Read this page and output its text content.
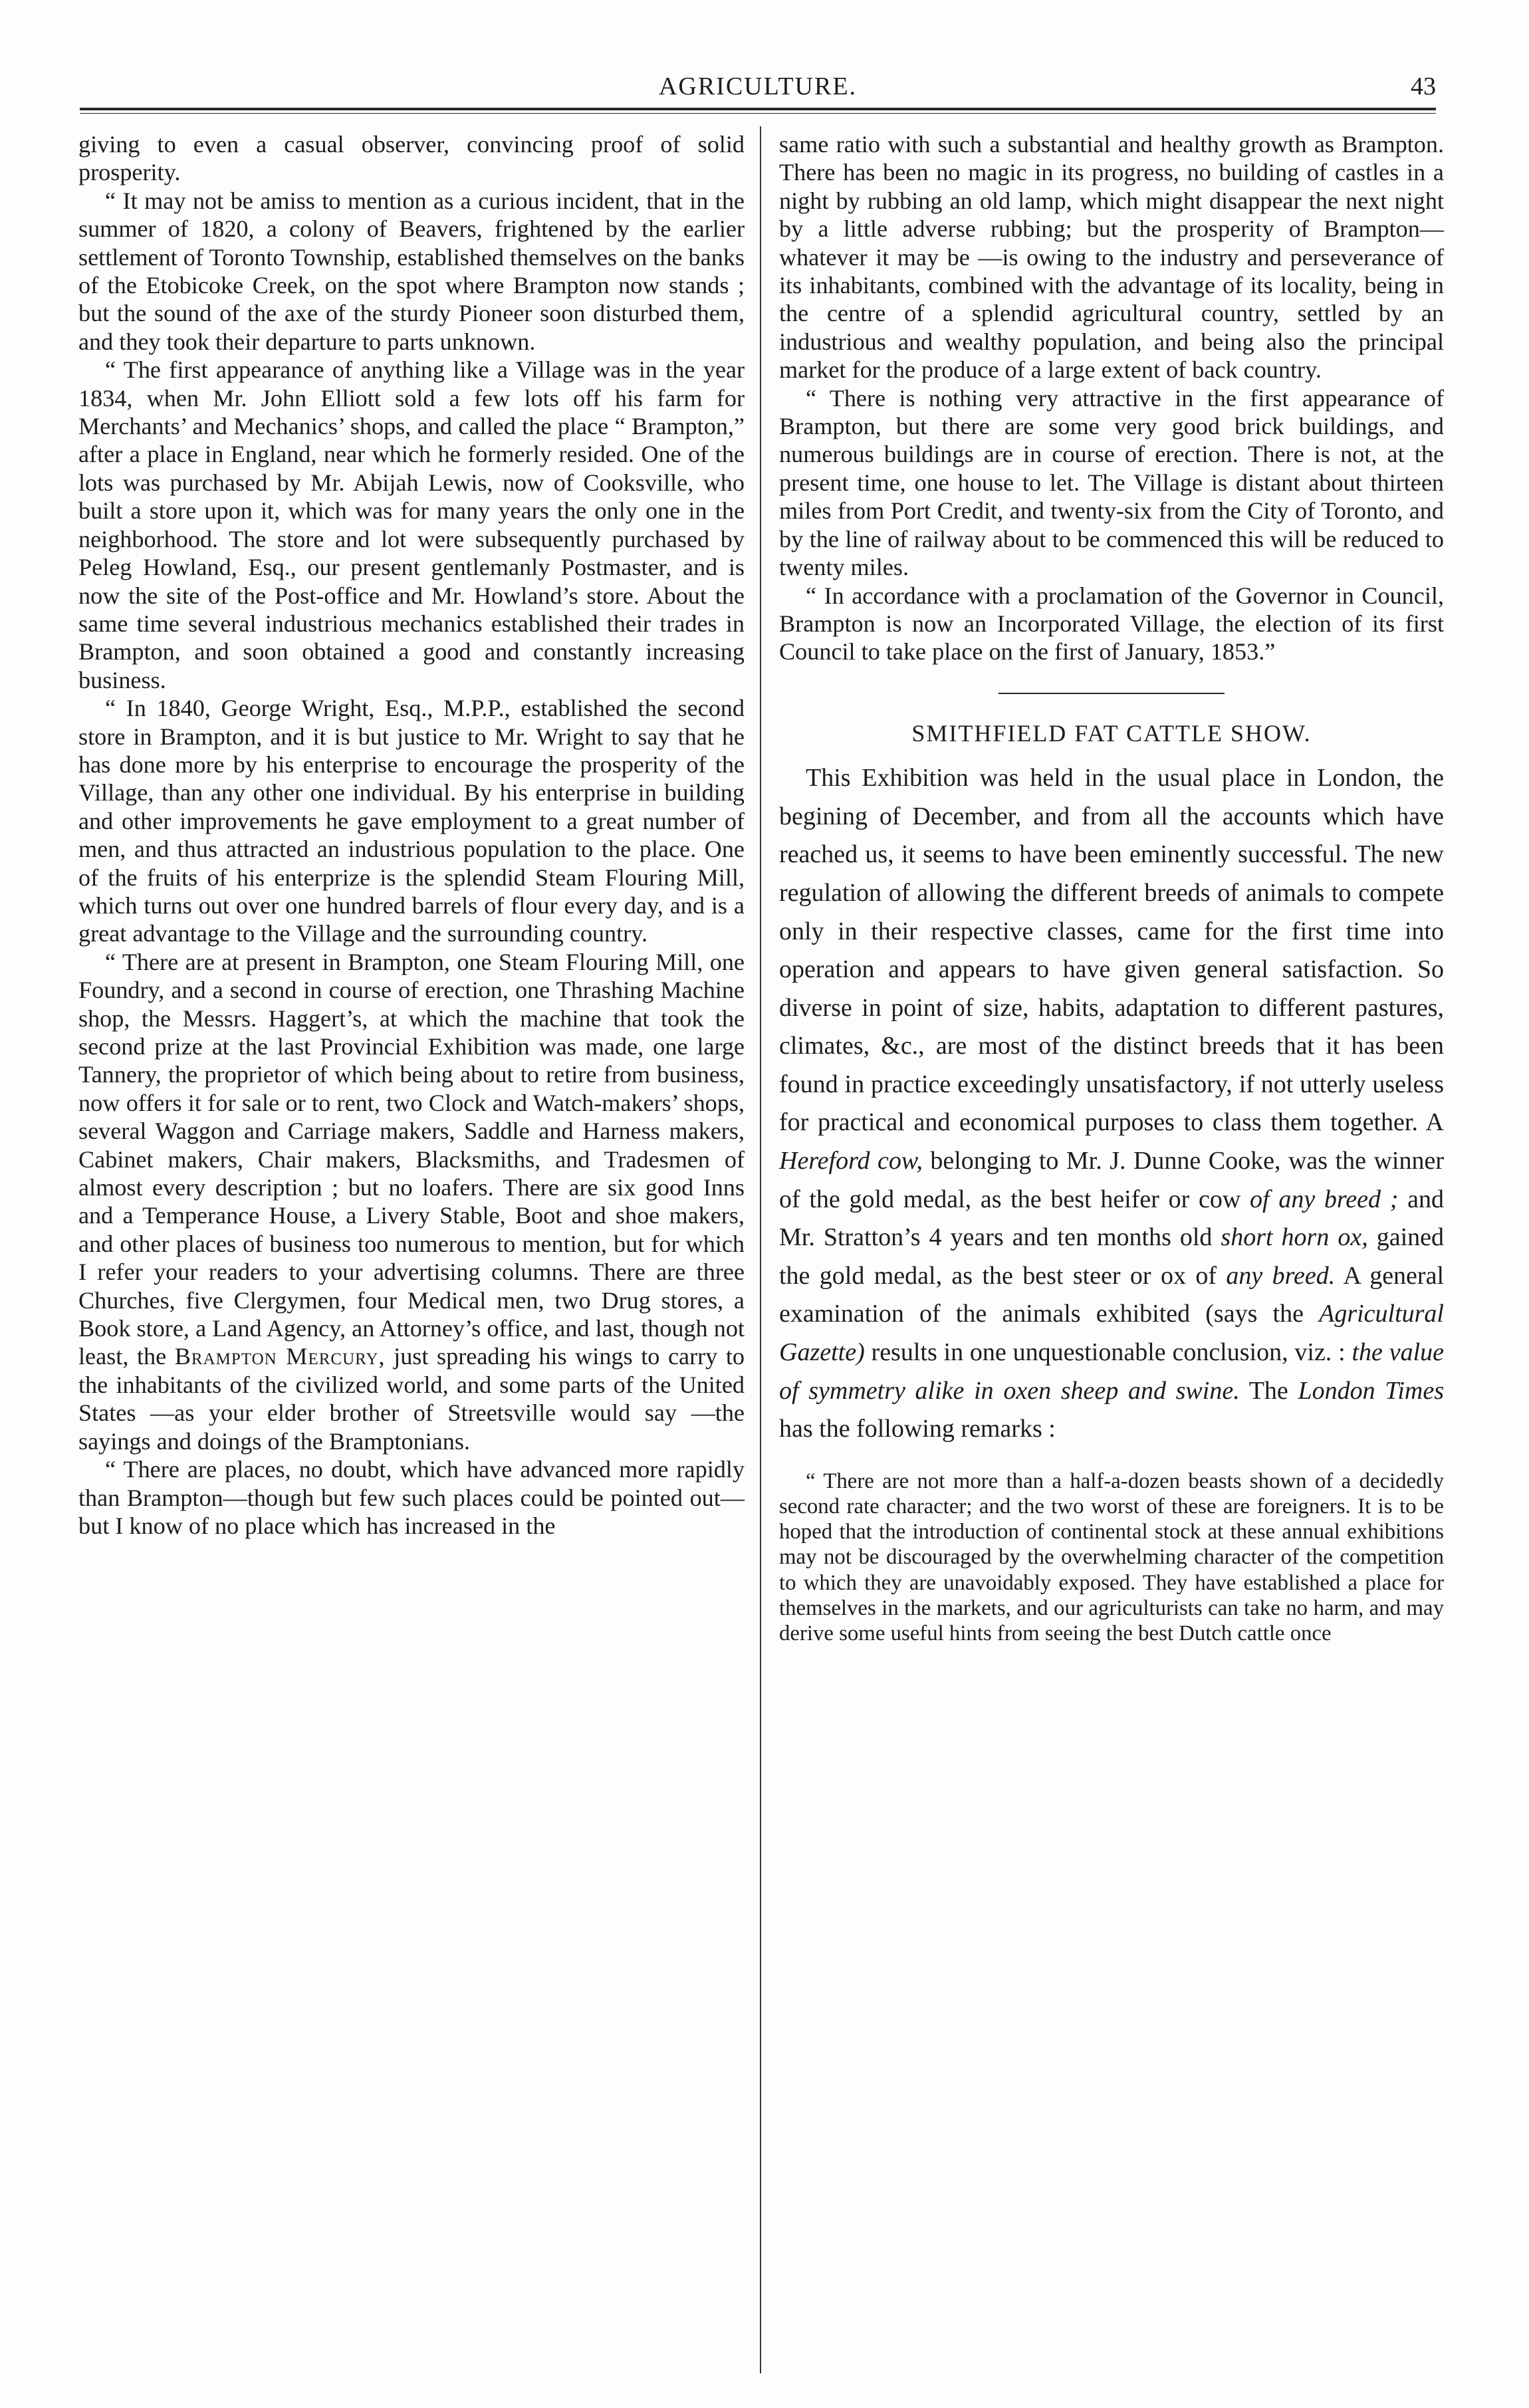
AGRICULTURE.	43

giving to even a casual observer, convincing proof of solid prosperity.

“ It may not be amiss to mention as a curious incident, that in the summer of 1820, a colony of Beavers, frightened by the earlier settlement of Toronto Township, established themselves on the banks of the Etobicoke Creek, on the spot where Brampton now stands ; but the sound of the axe of the sturdy Pioneer soon disturbed them, and they took their departure to parts unknown.

“ The first appearance of anything like a Village was in the year 1834, when Mr. John Elliott sold a few lots off his farm for Merchants’ and Mechanics’ shops, and called the place “ Brampton,” after a place in England, near which he formerly resided. One of the lots was purchased by Mr. Abijah Lewis, now of Cooksville, who built a store upon it, which was for many years the only one in the neighborhood. The store and lot were subsequently purchased by Peleg Howland, Esq., our present gentlemanly Postmaster, and is now the site of the Post-office and Mr. Howland’s store. About the same time several industrious mechanics established their trades in Brampton, and soon obtained a good and constantly increasing business.

“ In 1840, George Wright, Esq., M.P.P., established the second store in Brampton, and it is but justice to Mr. Wright to say that he has done more by his enterprise to encourage the prosperity of the Village, than any other one individual. By his enterprise in building and other improvements he gave employment to a great number of men, and thus attracted an industrious population to the place. One of the fruits of his enterprize is the splendid Steam Flouring Mill, which turns out over one hundred barrels of flour every day, and is a great advantage to the Village and the surrounding country.

“ There are at present in Brampton, one Steam Flouring Mill, one Foundry, and a second in course of erection, one Thrashing Machine shop, the Messrs. Haggert’s, at which the machine that took the second prize at the last Provincial Exhibition was made, one large Tannery, the proprietor of which being about to retire from business, now offers it for sale or to rent, two Clock and Watch-makers’ shops, several Waggon and Carriage makers, Saddle and Harness makers, Cabinet makers, Chair makers, Blacksmiths, and Tradesmen of almost every description ; but no loafers. There are six good Inns and a Temperance House, a Livery Stable, Boot and shoe makers, and other places of business too numerous to mention, but for which I refer your readers to your advertising columns. There are three Churches, five Clergymen, four Medical men, two Drug stores, a Book store, a Land Agency, an Attorney’s office, and last, though not least, the Brampton Mercury, just spreading his wings to carry to the inhabitants of the civilized world, and some parts of the United States —as your elder brother of Streetsville would say —the sayings and doings of the Bramptonians.

“ There are places, no doubt, which have advanced more rapidly than Brampton—though but few such places could be pointed out—but I know of no place which has increased in the

same ratio with such a substantial and healthy growth as Brampton. There has been no magic in its progress, no building of castles in a night by rubbing an old lamp, which might disappear the next night by a little adverse rubbing; but the prosperity of Brampton—whatever it may be —is owing to the industry and perseverance of its inhabitants, combined with the advantage of its locality, being in the centre of a splendid agricultural country, settled by an industrious and wealthy population, and being also the principal market for the produce of a large extent of back country.

“ There is nothing very attractive in the first appearance of Brampton, but there are some very good brick buildings, and numerous buildings are in course of erection. There is not, at the present time, one house to let. The Village is distant about thirteen miles from Port Credit, and twenty-six from the City of Toronto, and by the line of railway about to be commenced this will be reduced to twenty miles.

“ In accordance with a proclamation of the Governor in Council, Brampton is now an Incorporated Village, the election of its first Council to take place on the first of January, 1853.”

SMITHFIELD FAT CATTLE SHOW.

This Exhibition was held in the usual place in London, the begining of December, and from all the accounts which have reached us, it seems to have been eminently successful. The new regulation of allowing the different breeds of animals to compete only in their respective classes, came for the first time into operation and appears to have given general satisfaction. So diverse in point of size, habits, adaptation to different pastures, climates, &c., are most of the distinct breeds that it has been found in practice exceedingly unsatisfactory, if not utterly useless for practical and economical purposes to class them together. A Hereford cow, belonging to Mr. J. Dunne Cooke, was the winner of the gold medal, as the best heifer or cow of any breed ; and Mr. Stratton’s 4 years and ten months old short horn ox, gained the gold medal, as the best steer or ox of any breed. A general examination of the animals exhibited (says the Agricultural Gazette) results in one unquestionable conclusion, viz. : the value of symmetry alike in oxen sheep and swine. The London Times has the following remarks :

“ There are not more than a half-a-dozen beasts shown of a decidedly second rate character; and the two worst of these are foreigners. It is to be hoped that the introduction of continental stock at these annual exhibitions may not be discouraged by the overwhelming character of the competition to which they are unavoidably exposed. They have established a place for themselves in the markets, and our agriculturists can take no harm, and may derive some useful hints from seeing the best Dutch cattle once
